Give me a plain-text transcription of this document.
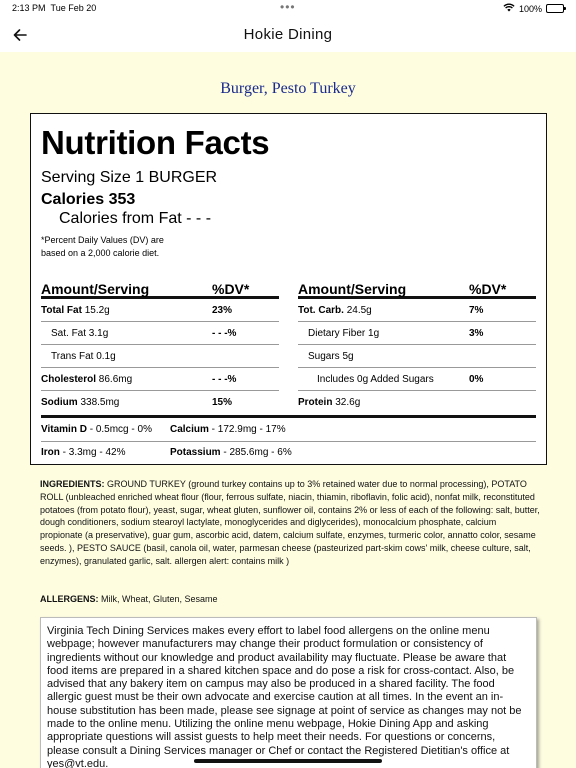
2:13 PM Tue Feb 20	•••	100%
Hokie Dining
Burger, Pesto Turkey
Nutrition Facts
Serving Size 1 BURGER
Calories 353
Calories from Fat - - -
*Percent Daily Values (DV) are based on a 2,000 calorie diet.
Amount/Serving	%DV*
Total Fat 15.2g	23%
Sat. Fat 3.1g	- - -%
Trans Fat 0.1g
Cholesterol 86.6mg	- - -%
Sodium 338.5mg	15%
Amount/Serving	%DV*
Tot. Carb. 24.5g	7%
Dietary Fiber 1g	3%
Sugars 5g
Includes 0g Added Sugars	0%
Protein 32.6g
Vitamin D - 0.5mcg - 0% Calcium - 172.9mg - 17%
Iron - 3.3mg - 42%	Potassium - 285.6mg - 6%
INGREDIENTS: GROUND TURKEY (ground turkey contains up to 3% retained water due to normal processing), POTATO ROLL (unbleached enriched wheat flour (flour, ferrous sulfate, niacin, thiamin, riboflavin, folic acid), nonfat milk, reconstituted potatoes (from potato flour), yeast, sugar, wheat gluten, sunflower oil, contains 2% or less of each of the following: salt, butter, dough conditioners, sodium stearoyl lactylate, monoglycerides and diglycerides), monocalcium phosphate, calcium propionate (a preservative), guar gum, ascorbic acid, datem, calcium sulfate, enzymes, turmeric color, annatto color, sesame seeds. ), PESTO SAUCE (basil, canola oil, water, parmesan cheese (pasteurized part-skim cows' milk, cheese culture, salt, enzymes), granulated garlic, salt. allergen alert: contains milk )
ALLERGENS: Milk, Wheat, Gluten, Sesame
Virginia Tech Dining Services makes every effort to label food allergens on the online menu webpage; however manufacturers may change their product formulation or consistency of ingredients without our knowledge and product availability may fluctuate. Please be aware that food items are prepared in a shared kitchen space and do pose a risk for cross-contact. Also, be advised that any bakery item on campus may also be produced in a shared facility. The food allergic guest must be their own advocate and exercise caution at all times. In the event an in-house substitution has been made, please see signage at point of service as changes may not be made to the online menu. Utilizing the online menu webpage, Hokie Dining App and asking appropriate questions will assist guests to help meet their needs. For questions or concerns, please consult a Dining Services manager or Chef or contact the Registered Dietitian's office at yes@vt.edu.
